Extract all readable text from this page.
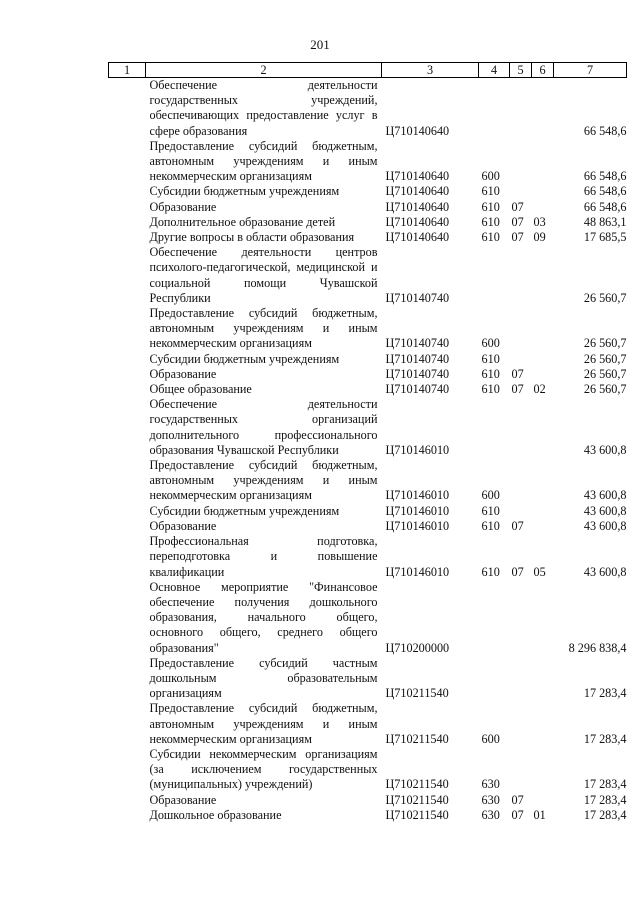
201
1	2	3	4	5	6	7
	Обеспечение деятельности государственных учреждений, обеспечивающих предоставление услуг в сфере образования	Ц710140640				66 548,6
	Предоставление субсидий бюджетным, автономным учреждениям и иным некоммерческим организациям	Ц710140640	600			66 548,6
	Субсидии бюджетным учреждениям	Ц710140640	610			66 548,6
	Образование	Ц710140640	610	07		66 548,6
	Дополнительное образование детей	Ц710140640	610	07	03	48 863,1
	Другие вопросы в области образования	Ц710140640	610	07	09	17 685,5
	Обеспечение деятельности центров психолого-педагогической, медицинской и социальной помощи Чувашской Республики	Ц710140740				26 560,7
	Предоставление субсидий бюджетным, автономным учреждениям и иным некоммерческим организациям	Ц710140740	600			26 560,7
	Субсидии бюджетным учреждениям	Ц710140740	610			26 560,7
	Образование	Ц710140740	610	07		26 560,7
	Общее образование	Ц710140740	610	07	02	26 560,7
	Обеспечение деятельности государственных организаций дополнительного профессионального образования Чувашской Республики	Ц710146010				43 600,8
	Предоставление субсидий бюджетным, автономным учреждениям и иным некоммерческим организациям	Ц710146010	600			43 600,8
	Субсидии бюджетным учреждениям	Ц710146010	610			43 600,8
	Образование	Ц710146010	610	07		43 600,8
	Профессиональная подготовка, переподготовка и повышение квалификации	Ц710146010	610	07	05	43 600,8
	Основное мероприятие "Финансовое обеспечение получения дошкольного образования, начального общего, основного общего, среднего общего образования"	Ц710200000				8 296 838,4
	Предоставление субсидий частным дошкольным образовательным организациям	Ц710211540				17 283,4
	Предоставление субсидий бюджетным, автономным учреждениям и иным некоммерческим организациям	Ц710211540	600			17 283,4
	Субсидии некоммерческим организациям (за исключением государственных (муниципальных) учреждений)	Ц710211540	630			17 283,4
	Образование	Ц710211540	630	07		17 283,4
	Дошкольное образование	Ц710211540	630	07	01	17 283,4
